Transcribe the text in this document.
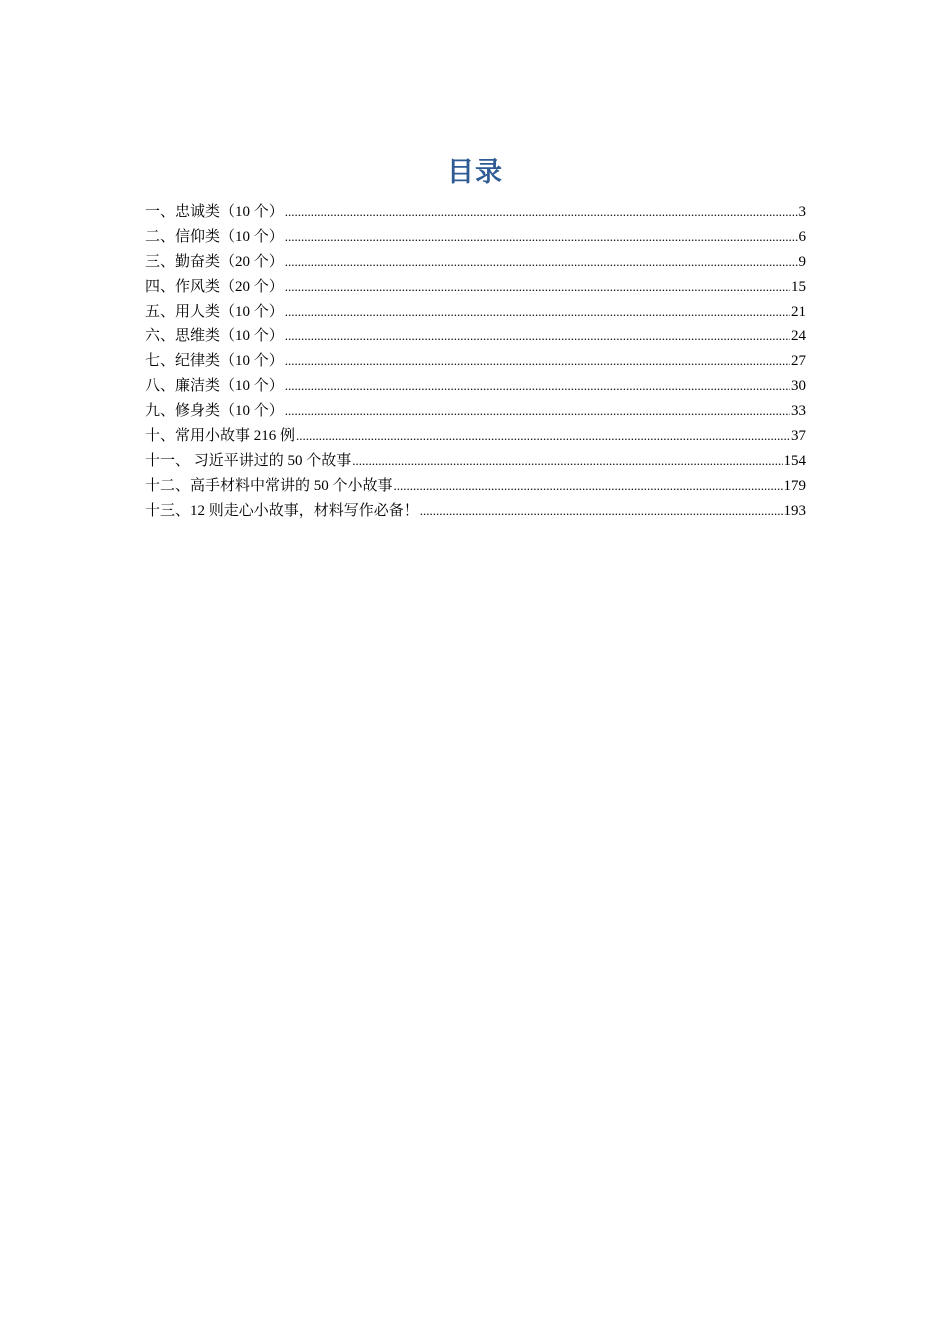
目录
一、忠诚类（10 个） .....	3
二、信仰类（10 个） .....	6
三、勤奋类（20 个） .....	9
四、作风类（20 个） .....	15
五、用人类（10 个） .....	21
六、思维类（10 个） .....	24
七、纪律类（10 个） .....	27
八、廉洁类（10 个） .....	30
九、修身类（10 个） .....	33
十、常用小故事 216 例 .....	37
十一、 习近平讲过的 50 个故事 .....	154
十二、高手材料中常讲的 50 个小故事 .....	179
十三、12 则走心小故事，材料写作必备！ .....	193
